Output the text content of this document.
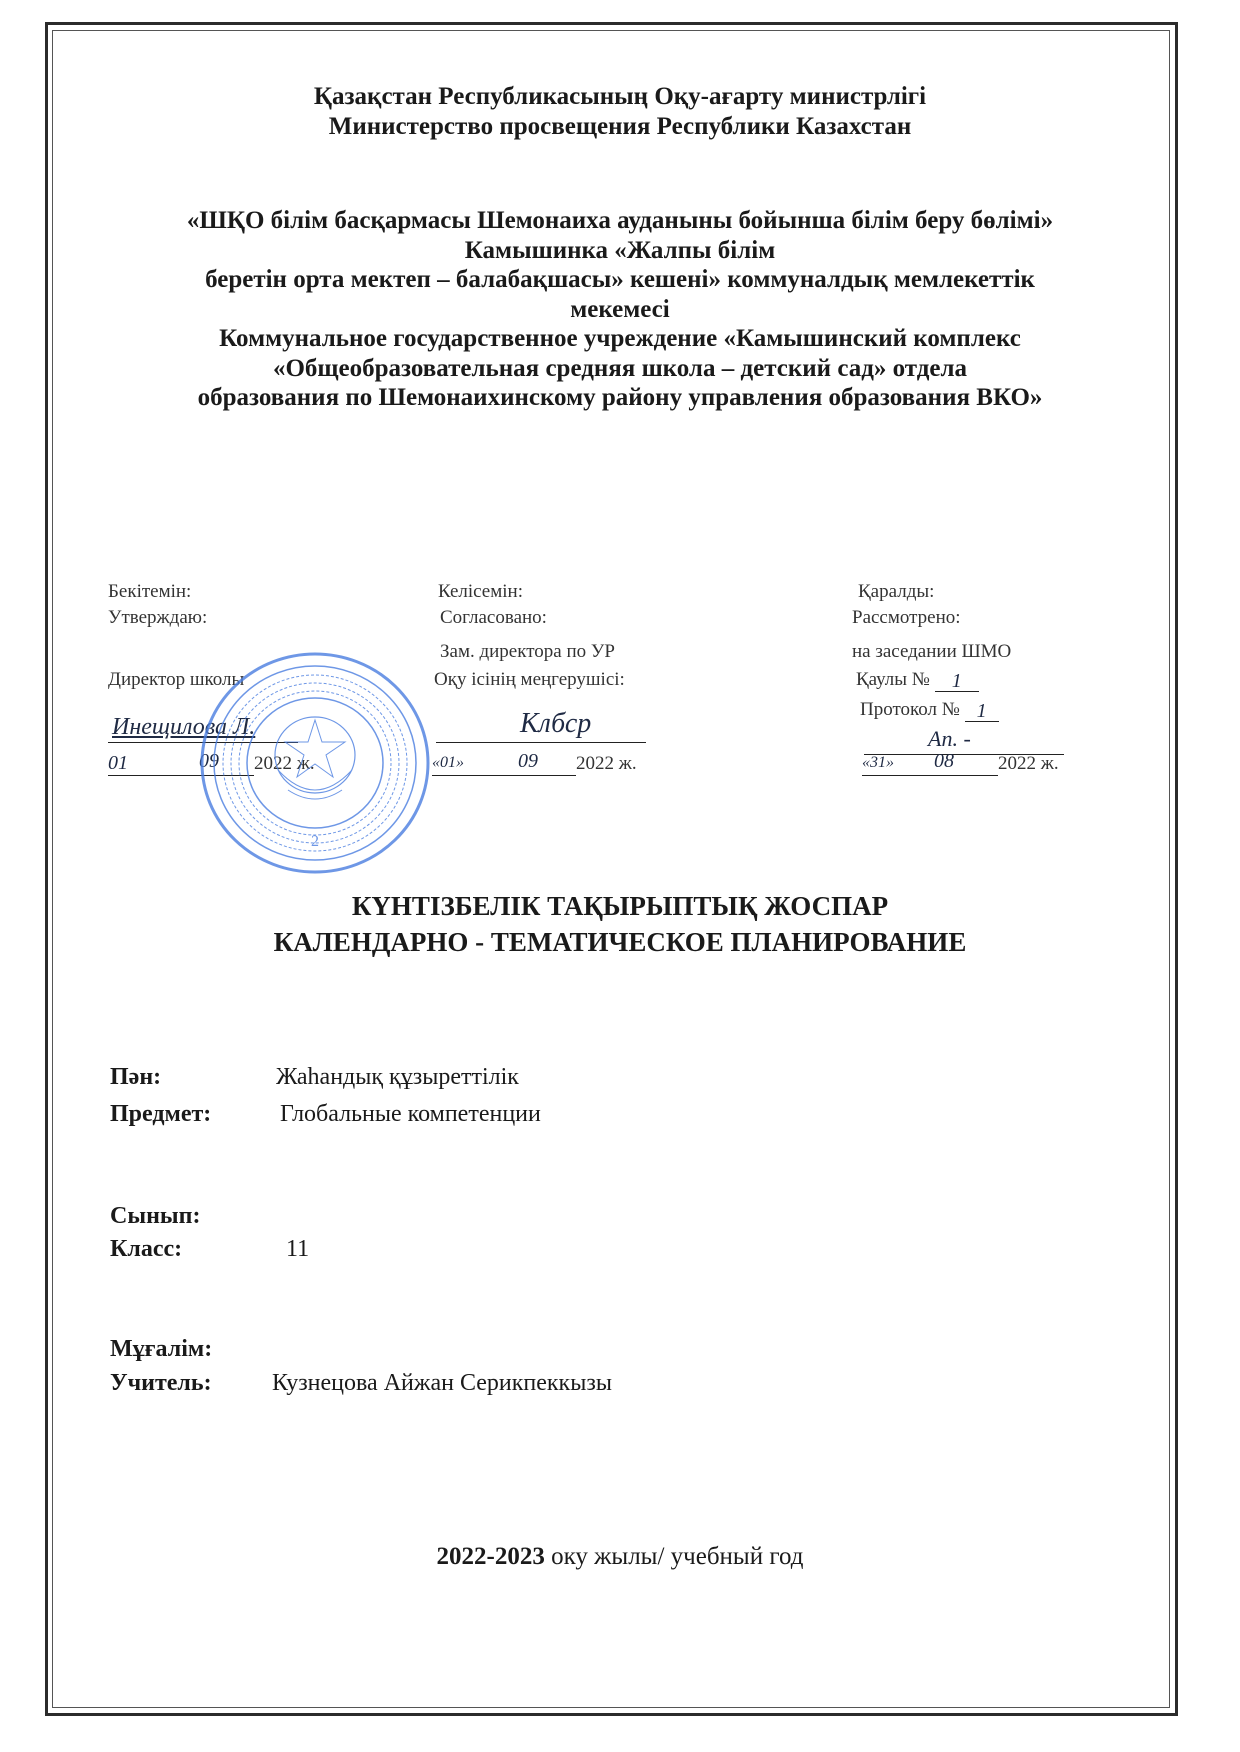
Қазақстан Республикасының Оқу-ағарту министрлігі
Министерство просвещения Республики Казахстан
«ШҚО білім басқармасы Шемонаиха ауданыны бойынша білім беру бөлімі»
Камышинка «Жалпы білім
беретін орта мектеп – балабақшасы» кешені» коммуналдық мемлекеттік
мекемесі
Коммунальное государственное учреждение «Камышинский комплекс
«Общеобразовательная средняя школа – детский сад» отдела
образования по Шемонаихинскому району управления образования ВКО»
Бекітемін:
Утверждаю:
Директор школы
Инещилова Л.
01	09 2022 ж.
Келісемін:
Согласовано:
Зам. директора по УР
Оқу ісінің меңгерушісі:
Клбср
«01»	09 2022 ж.
Қаралды:
Рассмотрено:
на заседании ШМО
Қаулы № 1
Протокол № 1
Ап. -
«31» 08 2022 ж.
2
КҮНТІЗБЕЛІК ТАҚЫРЫПТЫҚ ЖОСПАР
КАЛЕНДАРНО - ТЕМАТИЧЕСКОЕ ПЛАНИРОВАНИЕ
Пән:	Жаһандық құзыреттілік
Предмет:	Глобальные компетенции
Сынып:
Класс:	11
Мұғалім:
Учитель:	Кузнецова Айжан Серикпеккызы
2022-2023 оку жылы/ учебный год
